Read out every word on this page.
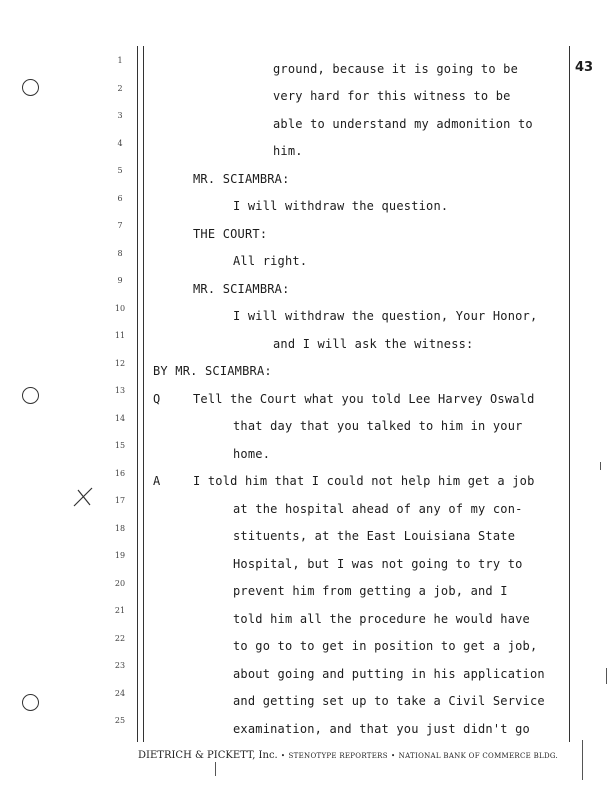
43
1
2
3
4
5
6
7
8
9
10
11
12
13
14
15
16
17
18
19
20
21
22
23
24
25
ground, because it is going to be
very hard for this witness to be
able to understand my admonition to
him.
MR. SCIAMBRA:
I will withdraw the question.
THE COURT:
All right.
MR. SCIAMBRA:
I will withdraw the question, Your Honor,
and I will ask the witness:
BY MR. SCIAMBRA:
Q	Tell the Court what you told Lee Harvey Oswald
that day that you talked to him in your
home.
A	I told him that I could not help him get a job
at the hospital ahead of any of my con-
stituents, at the East Louisiana State
Hospital, but I was not going to try to
prevent him from getting a job, and I
told him all the procedure he would have
to go to to get in position to get a job,
about going and putting in his application
and getting set up to take a Civil Service
examination, and that you just didn't go
DIETRICH & PICKETT, Inc. • STENOTYPE REPORTERS • NATIONAL BANK OF COMMERCE BLDG.
